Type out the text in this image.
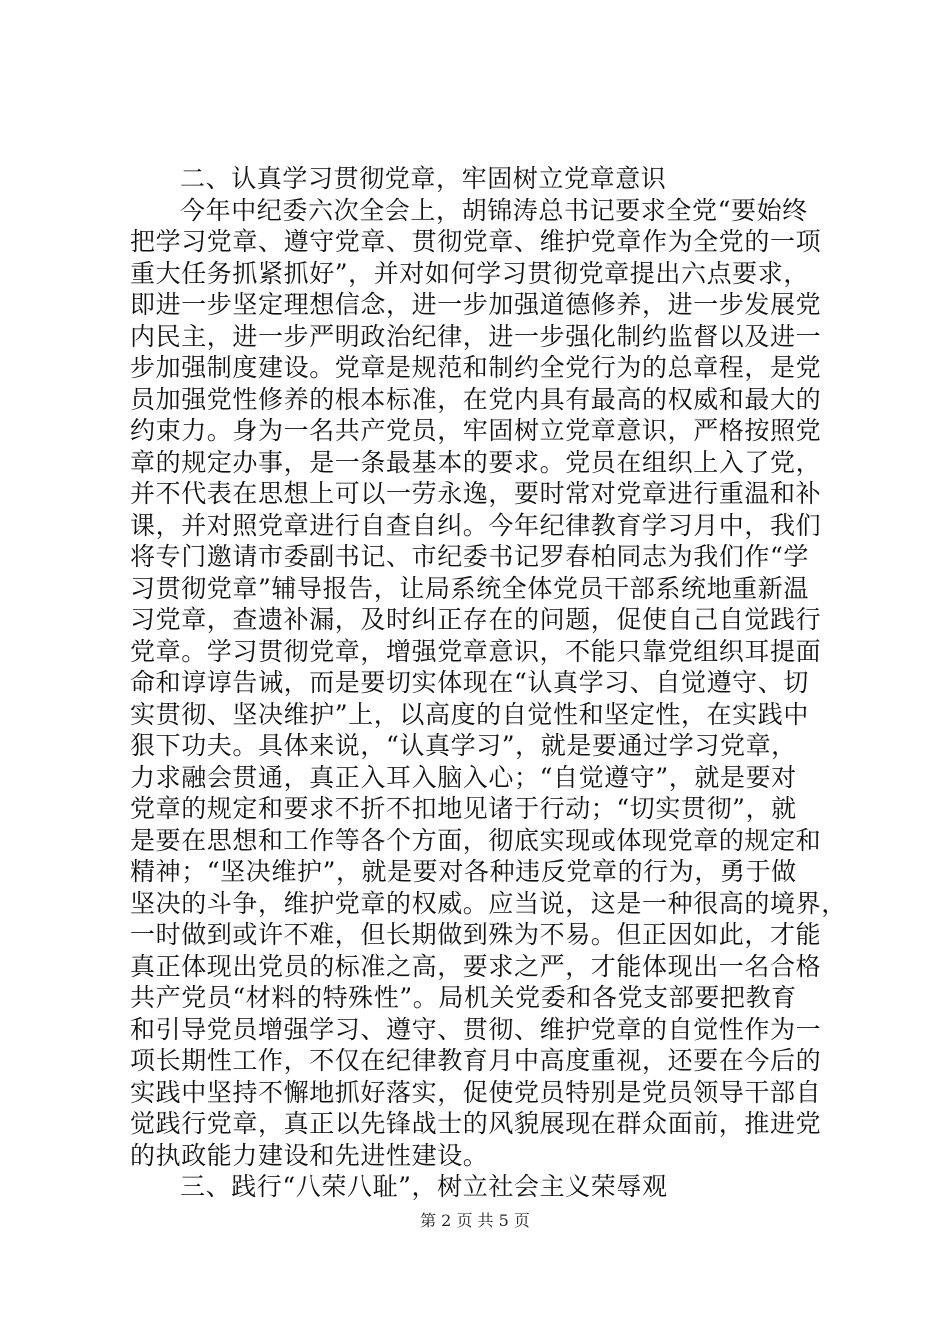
二、认真学习贯彻党章，牢固树立党章意识
今年中纪委六次全会上，胡锦涛总书记要求全党“要始终
把学习党章、遵守党章、贯彻党章、维护党章作为全党的一项
重大任务抓紧抓好”，并对如何学习贯彻党章提出六点要求，
即进一步坚定理想信念，进一步加强道德修养，进一步发展党
内民主，进一步严明政治纪律，进一步强化制约监督以及进一
步加强制度建设。党章是规范和制约全党行为的总章程，是党
员加强党性修养的根本标准，在党内具有最高的权威和最大的
约束力。身为一名共产党员，牢固树立党章意识，严格按照党
章的规定办事，是一条最基本的要求。党员在组织上入了党，
并不代表在思想上可以一劳永逸，要时常对党章进行重温和补
课，并对照党章进行自查自纠。今年纪律教育学习月中，我们
将专门邀请市委副书记、市纪委书记罗春柏同志为我们作“学
习贯彻党章”辅导报告，让局系统全体党员干部系统地重新温
习党章，查遗补漏，及时纠正存在的问题，促使自己自觉践行
党章。学习贯彻党章，增强党章意识，不能只靠党组织耳提面
命和谆谆告诫，而是要切实体现在“认真学习、自觉遵守、切
实贯彻、坚决维护”上，以高度的自觉性和坚定性，在实践中
狠下功夫。具体来说，“认真学习”，就是要通过学习党章，
力求融会贯通，真正入耳入脑入心；“自觉遵守”，就是要对
党章的规定和要求不折不扣地见诸于行动；“切实贯彻”，就
是要在思想和工作等各个方面，彻底实现或体现党章的规定和
精神；“坚决维护”，就是要对各种违反党章的行为，勇于做
坚决的斗争，维护党章的权威。应当说，这是一种很高的境界，
一时做到或许不难，但长期做到殊为不易。但正因如此，才能
真正体现出党员的标准之高，要求之严，才能体现出一名合格
共产党员“材料的特殊性”。局机关党委和各党支部要把教育
和引导党员增强学习、遵守、贯彻、维护党章的自觉性作为一
项长期性工作，不仅在纪律教育月中高度重视，还要在今后的
实践中坚持不懈地抓好落实，促使党员特别是党员领导干部自
觉践行党章，真正以先锋战士的风貌展现在群众面前，推进党
的执政能力建设和先进性建设。
三、践行“八荣八耻”，树立社会主义荣辱观
第 2 页 共 5 页
